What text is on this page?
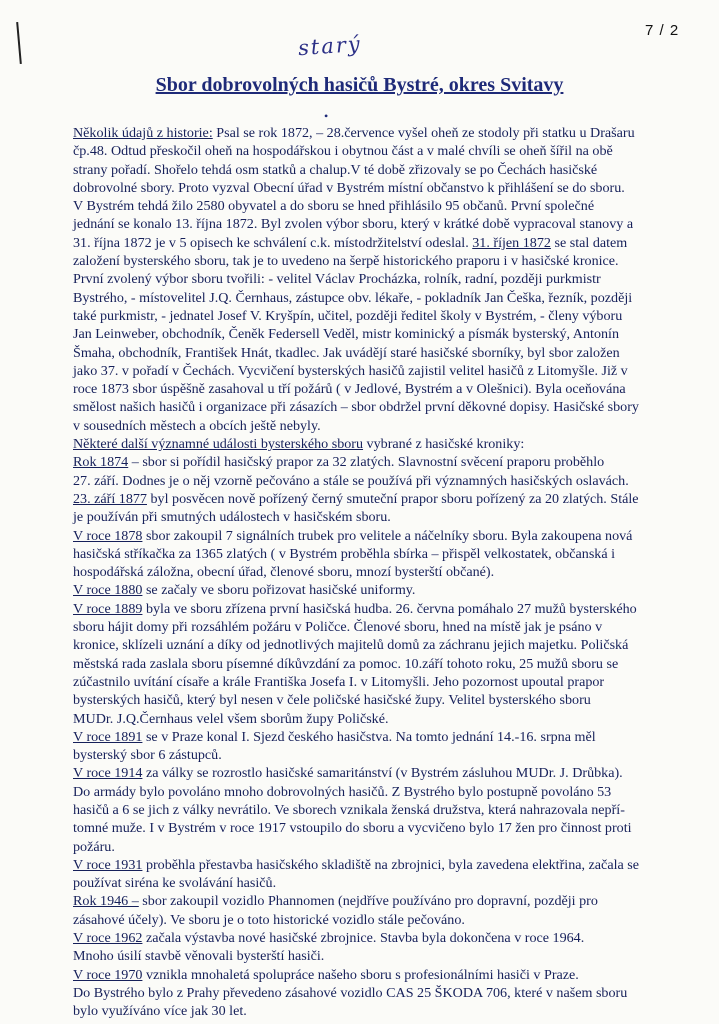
7 / 2
starý
Sbor dobrovolných hasičů Bystré, okres Svitavy
•

Několik údajů z historie: Psal se rok 1872, – 28.července vyšel oheň ze stodoly při statku u Drašaru

čp.48. Odtud přeskočil oheň na hospodářskou i obytnou část a v malé chvíli se oheň šířil na obě

strany pořadí. Shořelo tehdá osm statků a chalup.V té době zřizovaly se po Čechách hasičské

dobrovolné sbory. Proto vyzval Obecní úřad v Bystrém místní občanstvo k přihlášení se do sboru.

V Bystrém tehdá žilo 2580 obyvatel a do sboru se hned přihlásilo 95 občanů. První společné

jednání se konalo 13. října 1872. Byl zvolen výbor sboru, který v krátké době vypracoval stanovy a

31. října 1872 je v 5 opisech ke schválení c.k. místodržitelství odeslal. 31. říjen 1872 se stal datem

založení bysterského sboru, tak je to uvedeno na šerpě historického praporu i v hasičské kronice.

První zvolený výbor sboru tvořili: - velitel Václav Procházka, rolník, radní, později purkmistr

Bystrého, - místovelitel J.Q. Černhaus, zástupce obv. lékaře, - pokladník Jan Češka, řezník, později

také purkmistr, - jednatel Josef V. Kryšpín, učitel, později ředitel školy v Bystrém, - členy výboru

Jan Leinweber, obchodník, Čeněk Federsell Veděl, mistr kominický a písmák bysterský, Antonín

Šmaha, obchodník, František Hnát, tkadlec. Jak uvádějí staré hasičské sborníky, byl sbor založen

jako 37. v pořadí v Čechách. Vycvičení bysterských hasičů zajistil velitel hasičů z Litomyšle. Již v

roce 1873 sbor úspěšně zasahoval u tří požárů ( v Jedlové, Bystrém a v Olešnici). Byla oceňována

smělost našich hasičů i organizace při zásazích – sbor obdržel první děkovné dopisy. Hasičské sbory

v sousedních městech a obcích ještě nebyly.

Některé další významné události bysterského sboru vybrané z hasičské kroniky:

Rok 1874 – sbor si pořídil hasičský prapor za 32 zlatých. Slavnostní svěcení praporu proběhlo

27. září. Dodnes je o něj vzorně pečováno a stále se používá při významných hasičských oslavách.

23. září 1877 byl posvěcen nově pořízený černý smuteční prapor sboru pořízený za 20 zlatých. Stále

je používán při smutných událostech v hasičském sboru.

V roce 1878 sbor zakoupil 7 signálních trubek pro velitele a náčelníky sboru. Byla zakoupena nová

hasičská stříkačka za 1365 zlatých ( v Bystrém proběhla sbírka – přispěl velkostatek, občanská i

hospodářská záložna, obecní úřad, členové sboru, mnozí bysterští občané).

V roce 1880 se začaly ve sboru pořizovat hasičské uniformy.

V roce 1889 byla ve sboru zřízena první hasičská hudba. 26. června pomáhalo 27 mužů bysterského

sboru hájit domy při rozsáhlém požáru v Poličce. Členové sboru, hned na místě jak je psáno v

kronice, sklízeli uznání a díky od jednotlivých majitelů domů za záchranu jejich majetku. Poličská

městská rada zaslala sboru písemné díkůvzdání za pomoc. 10.září tohoto roku, 25 mužů sboru se

zúčastnilo uvítání císaře a krále Františka Josefa I. v Litomyšli. Jeho pozornost upoutal prapor

bysterských hasičů, který byl nesen v čele poličské hasičské župy. Velitel bysterského sboru

MUDr. J.Q.Černhaus velel všem sborům župy Poličské.

V roce 1891 se v Praze konal I. Sjezd českého hasičstva. Na tomto jednání 14.-16. srpna měl

bysterský sbor 6 zástupců.

V roce 1914 za války se rozrostlo hasičské samaritánství (v Bystrém zásluhou MUDr. J. Drůbka).

Do armády bylo povoláno mnoho dobrovolných hasičů. Z Bystrého bylo postupně povoláno 53

hasičů a 6 se jich z války nevrátilo. Ve sborech vznikala ženská družstva, která nahrazovala nepří-

tomné muže. I v Bystrém v roce 1917 vstoupilo do sboru a vycvičeno bylo 17 žen pro činnost proti

požáru.

V roce 1931 proběhla přestavba hasičského skladiště na zbrojnici, byla zavedena elektřina, začala se

používat siréna ke svolávání hasičů.

Rok 1946 – sbor zakoupil vozidlo Phannomen (nejdříve používáno pro dopravní, později pro

zásahové účely). Ve sboru je o toto historické vozidlo stále pečováno.

V roce 1962 začala výstavba nové hasičské zbrojnice. Stavba byla dokončena v roce 1964.

Mnoho úsilí stavbě věnovali bysterští hasiči.

V roce 1970 vznikla mnohaletá spolupráce našeho sboru s profesionálními hasiči v Praze.

Do Bystrého bylo z Prahy převedeno zásahové vozidlo CAS 25 ŠKODA 706, které v našem sboru

bylo využíváno více jak 30 let.
